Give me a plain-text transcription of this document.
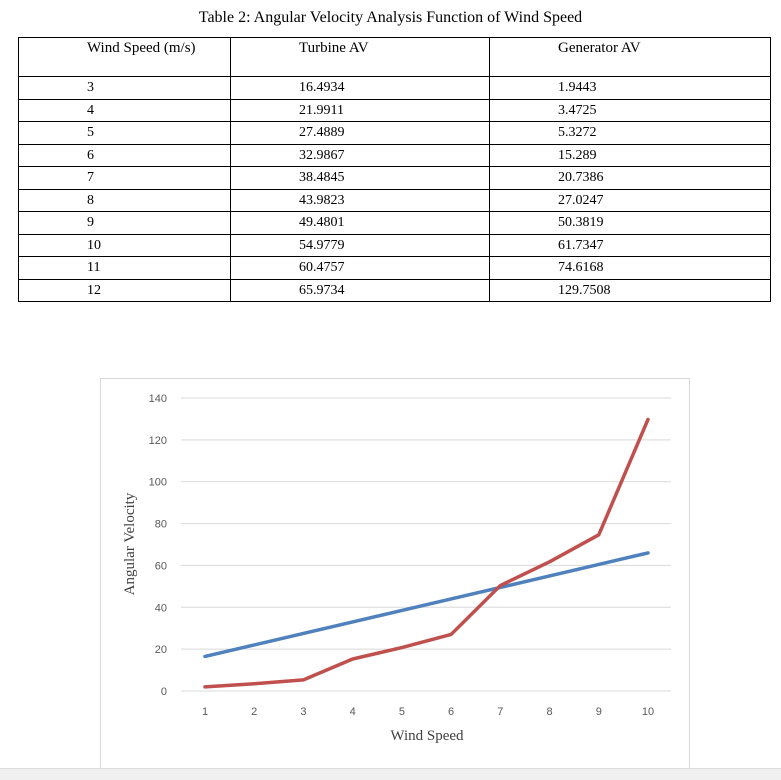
Table 2: Angular Velocity Analysis Function of Wind Speed
Wind Speed (m/s)	Turbine AV	Generator AV
3	16.4934	1.9443
4	21.9911	3.4725
5	27.4889	5.3272
6	32.9867	15.289
7	38.4845	20.7386
8	43.9823	27.0247
9	49.4801	50.3819
10	54.9779	61.7347
11	60.4757	74.6168
12	65.9734	129.7508
0
20
40
60
80
100
120
140
1	2	3	4	5	6	7	8	9	10
Wind Speed
Angular Velocity
